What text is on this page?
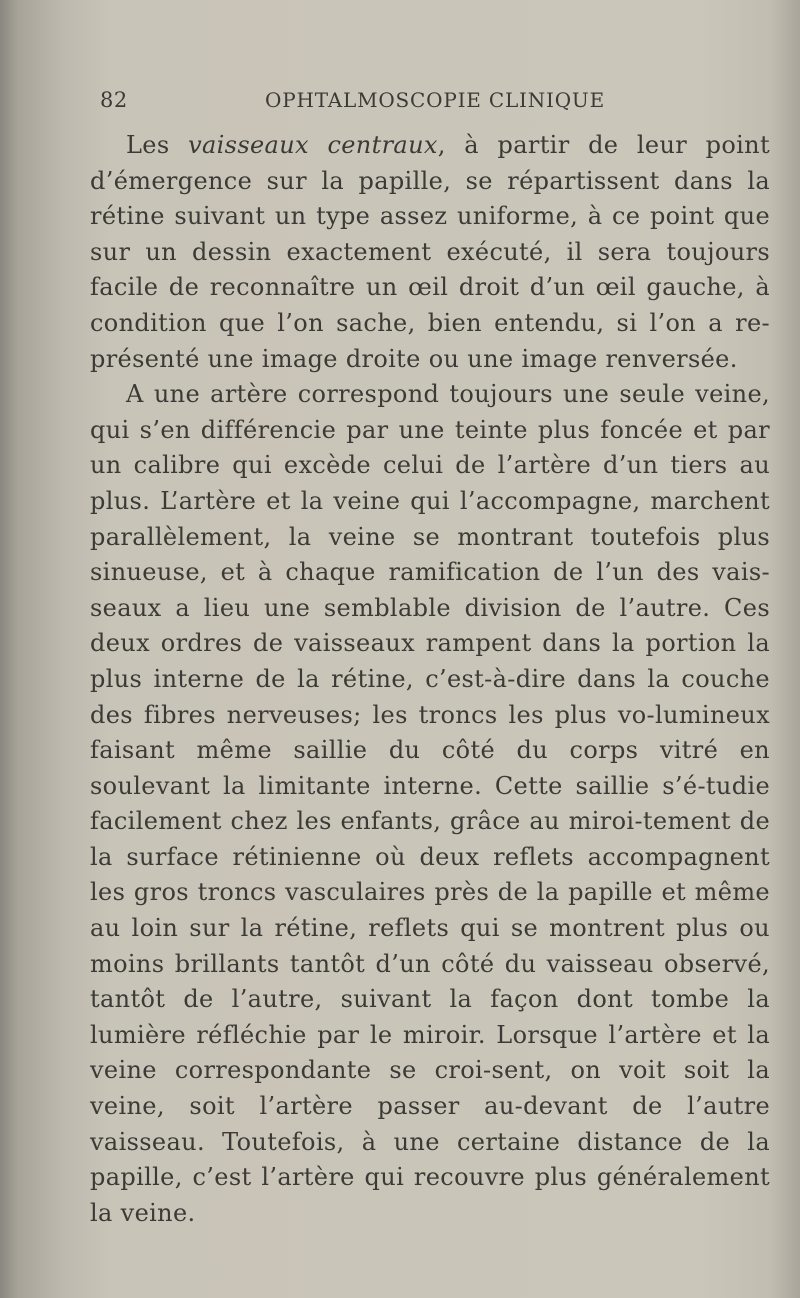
82	OPHTALMOSCOPIE CLINIQUE

Les vaisseaux centraux, à partir de leur point d’émergence sur la papille, se répartissent dans la rétine suivant un type assez uniforme, à ce point que sur un dessin exactement exécuté, il sera toujours facile de reconnaître un œil droit d’un œil gauche, à condition que l’on sache, bien entendu, si l’on a re-présenté une image droite ou une image renversée.

A une artère correspond toujours une seule veine, qui s’en différencie par une teinte plus foncée et par un calibre qui excède celui de l’artère d’un tiers au plus. L’artère et la veine qui l’accompagne, marchent parallèlement, la veine se montrant toutefois plus sinueuse, et à chaque ramification de l’un des vais-seaux a lieu une semblable division de l’autre. Ces deux ordres de vaisseaux rampent dans la portion la plus interne de la rétine, c’est-à-dire dans la couche des fibres nerveuses; les troncs les plus vo-lumineux faisant même saillie du côté du corps vitré en soulevant la limitante interne. Cette saillie s’é-tudie facilement chez les enfants, grâce au miroi-tement de la surface rétinienne où deux reflets accompagnent les gros troncs vasculaires près de la papille et même au loin sur la rétine, reflets qui se montrent plus ou moins brillants tantôt d’un côté du vaisseau observé, tantôt de l’autre, suivant la façon dont tombe la lumière réfléchie par le miroir. Lorsque l’artère et la veine correspondante se croi-sent, on voit soit la veine, soit l’artère passer au-devant de l’autre vaisseau. Toutefois, à une certaine distance de la papille, c’est l’artère qui recouvre plus généralement la veine.
